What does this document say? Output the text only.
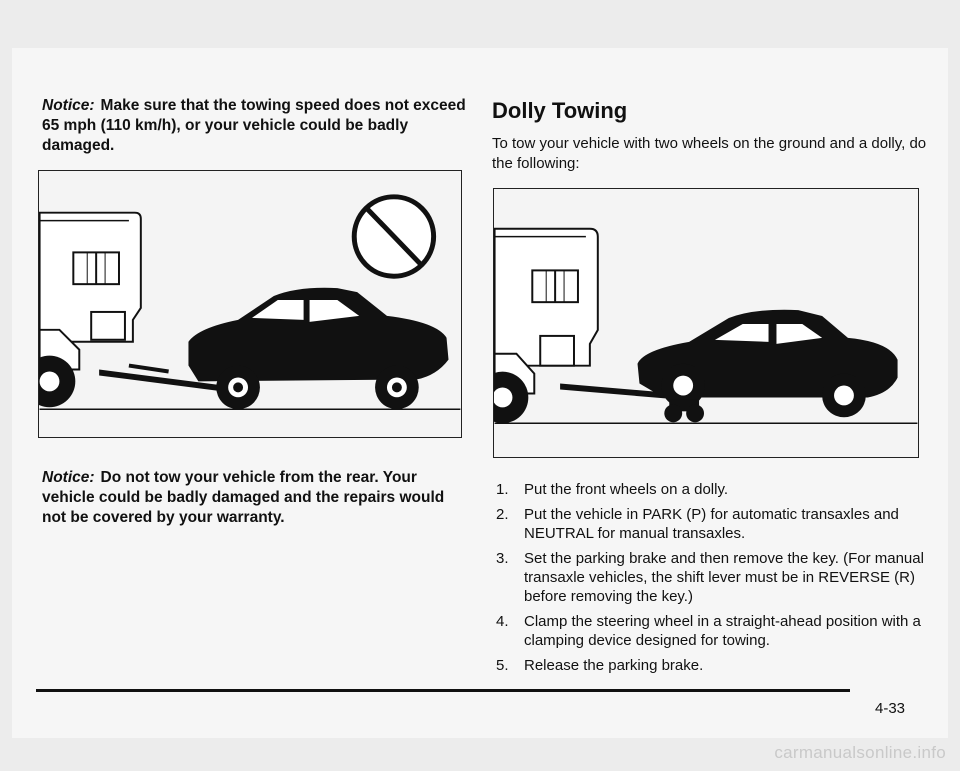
Notice: Make sure that the towing speed does not exceed 65 mph (110 km/h), or your vehicle could be badly damaged.
Notice: Do not tow your vehicle from the rear. Your vehicle could be badly damaged and the repairs would not be covered by your warranty.
Dolly Towing
To tow your vehicle with two wheels on the ground and a dolly, do the following:
1.	Put the front wheels on a dolly.
2.	Put the vehicle in PARK (P) for automatic transaxles and NEUTRAL for manual transaxles.
3.	Set the parking brake and then remove the key. (For manual transaxle vehicles, the shift lever must be in REVERSE (R) before removing the key.)
4.	Clamp the steering wheel in a straight-ahead position with a clamping device designed for towing.
5.	Release the parking brake.
4-33
carmanualsonline.info
